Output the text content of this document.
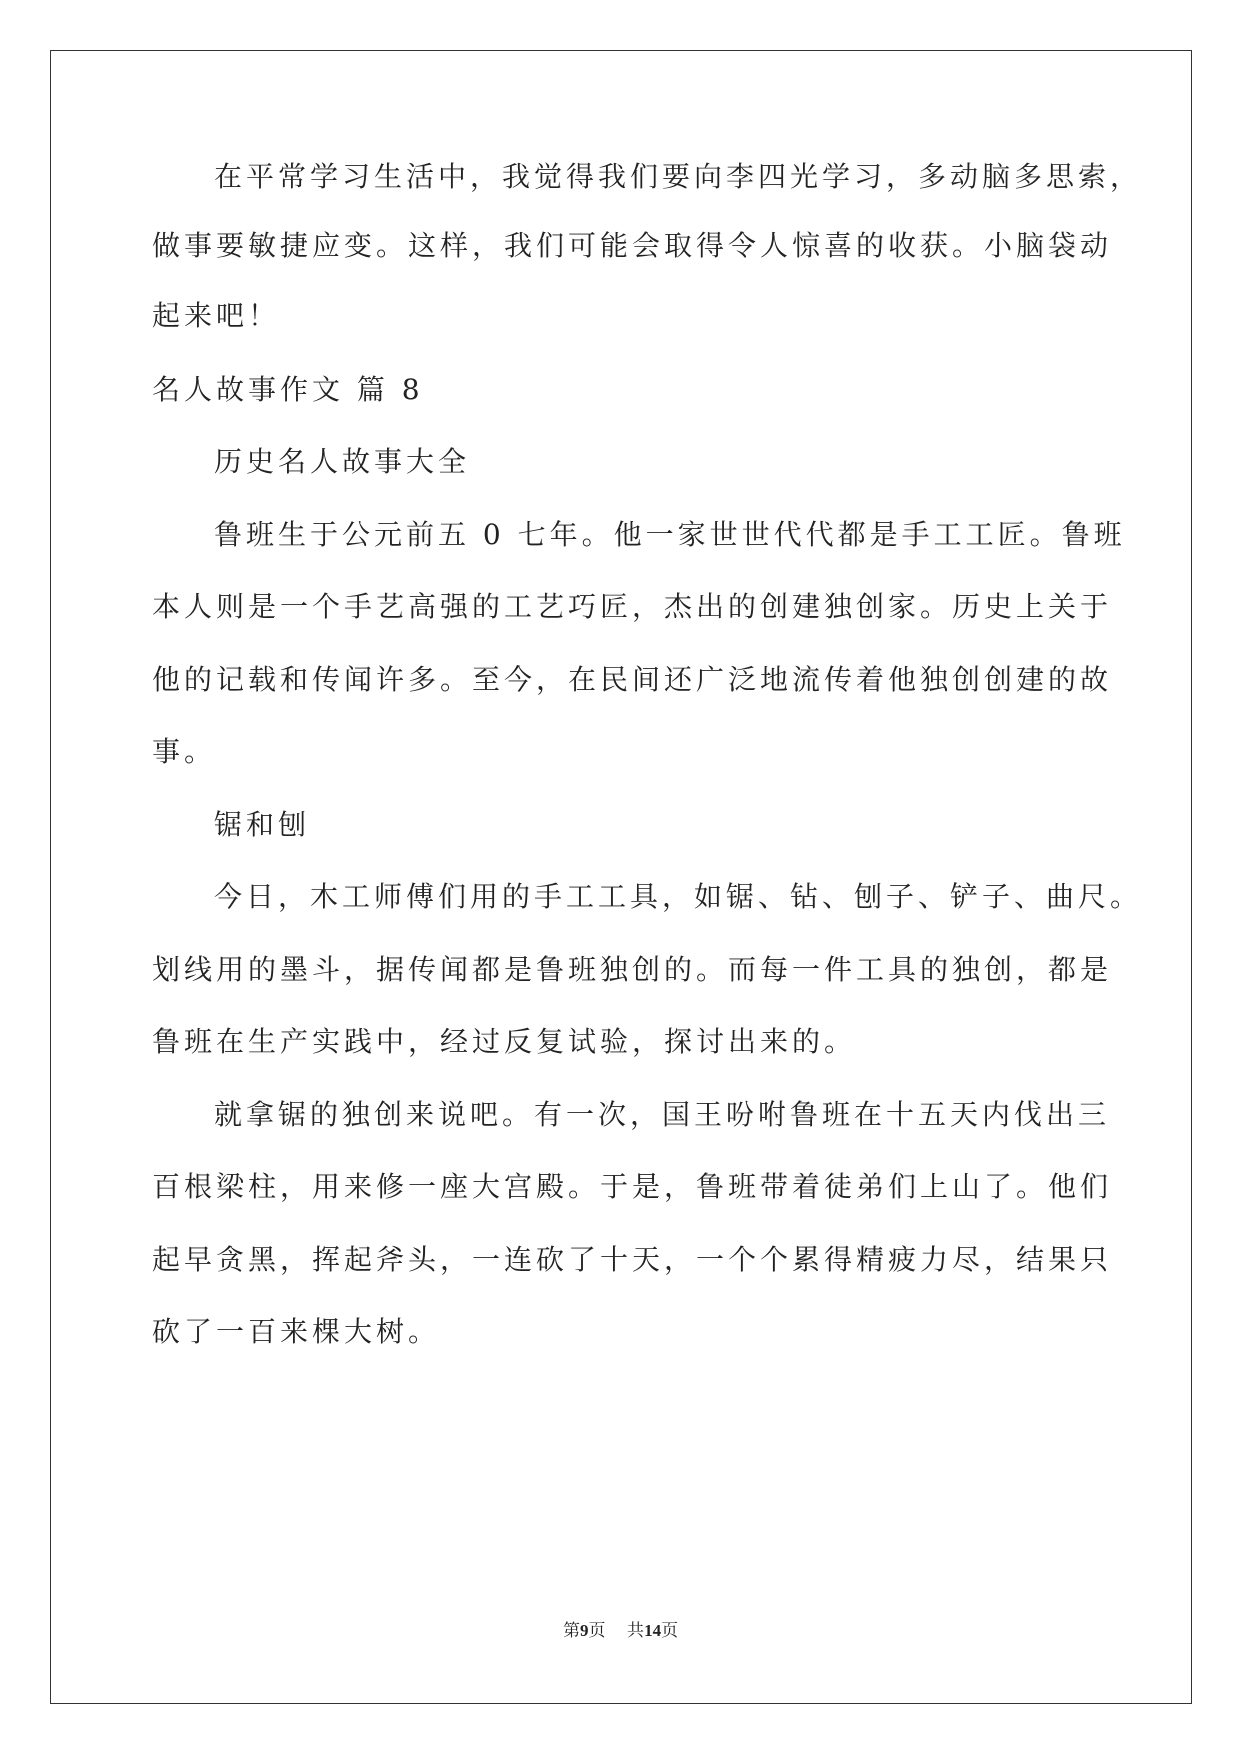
在平常学习生活中，我觉得我们要向李四光学习，多动脑多思索，
做事要敏捷应变。这样，我们可能会取得令人惊喜的收获。小脑袋动
起来吧！
名人故事作文 篇 8
历史名人故事大全
鲁班生于公元前五 0 七年。他一家世世代代都是手工工匠。鲁班
本人则是一个手艺高强的工艺巧匠，杰出的创建独创家。历史上关于
他的记载和传闻许多。至今，在民间还广泛地流传着他独创创建的故
事。
锯和刨
今日，木工师傅们用的手工工具，如锯、钻、刨子、铲子、曲尺。
划线用的墨斗，据传闻都是鲁班独创的。而每一件工具的独创，都是
鲁班在生产实践中，经过反复试验，探讨出来的。
就拿锯的独创来说吧。有一次，国王吩咐鲁班在十五天内伐出三
百根梁柱，用来修一座大宫殿。于是，鲁班带着徒弟们上山了。他们
起早贪黑，挥起斧头，一连砍了十天，一个个累得精疲力尽，结果只
砍了一百来棵大树。
第9页    共14页
